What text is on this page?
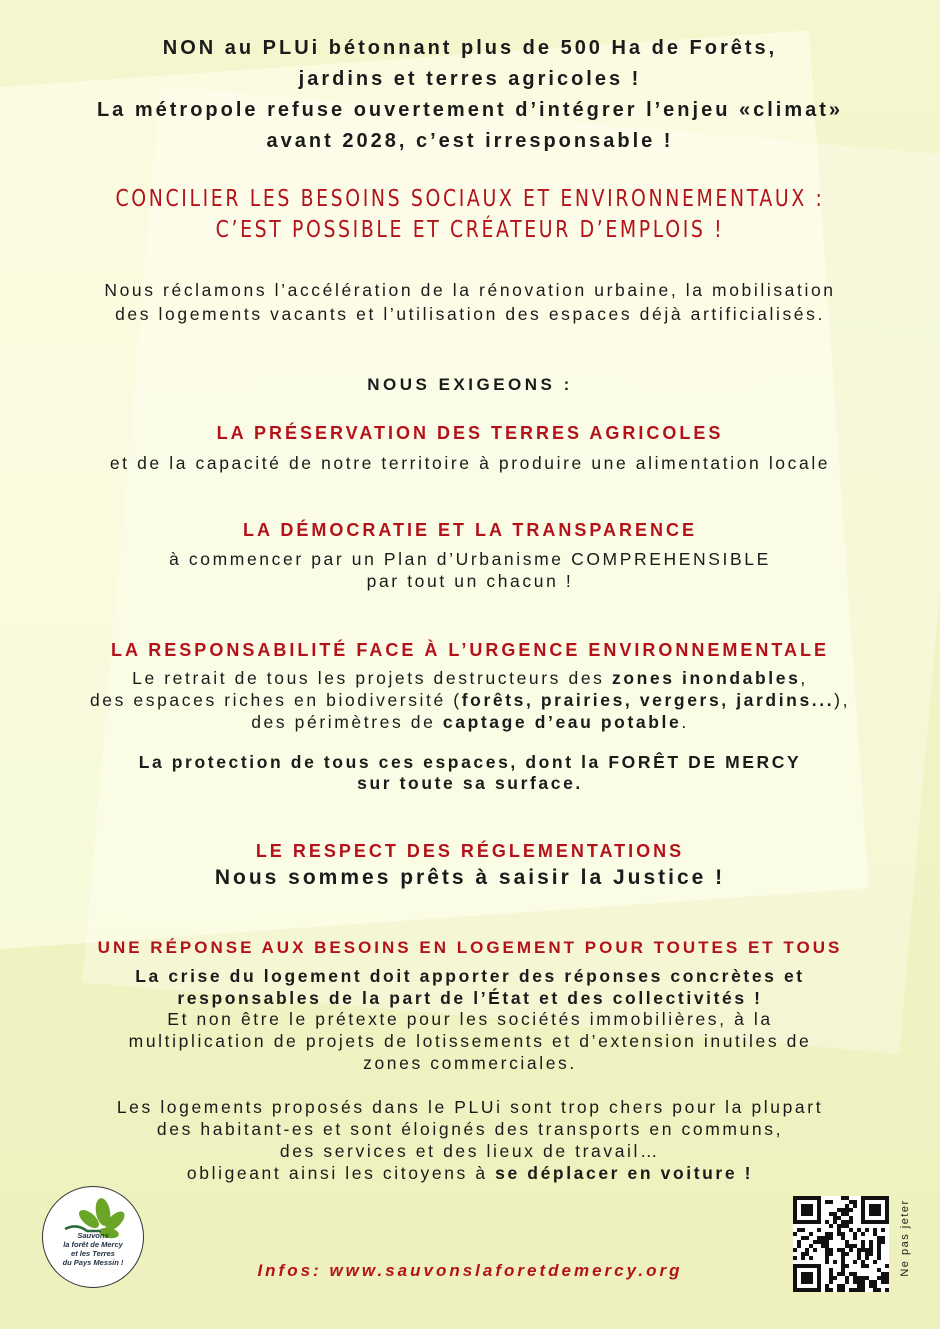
NON au PLUi bétonnant plus de 500 Ha de Forêts,
jardins et terres agricoles !
La métropole refuse ouvertement d’intégrer l’enjeu «climat»
avant 2028, c’est irresponsable !
CONCILIER LES BESOINS SOCIAUX ET ENVIRONNEMENTAUX :
C’EST POSSIBLE ET CRÉATEUR D’EMPLOIS !
Nous réclamons l’accélération de la rénovation urbaine, la mobilisation
des logements vacants et l’utilisation des espaces déjà artificialisés.
NOUS EXIGEONS :
LA PRÉSERVATION DES TERRES AGRICOLES
et de la capacité de notre territoire à produire une alimentation locale
LA DÉMOCRATIE ET LA TRANSPARENCE
à commencer par un Plan d’Urbanisme COMPREHENSIBLE
par tout un chacun !
LA RESPONSABILITÉ FACE À L’URGENCE ENVIRONNEMENTALE
Le retrait de tous les projets destructeurs des zones inondables,
des espaces riches en biodiversité (forêts, prairies, vergers, jardins...),
des périmètres de captage d’eau potable.
La protection de tous ces espaces, dont la FORÊT DE MERCY
sur toute sa surface.
LE RESPECT DES RÉGLEMENTATIONS
Nous sommes prêts à saisir la Justice !
UNE RÉPONSE AUX BESOINS EN LOGEMENT POUR TOUTES ET TOUS
La crise du logement doit apporter des réponses concrètes et
responsables de la part de l’État et des collectivités !
Et non être le prétexte pour les sociétés immobilières, à la
multiplication de projets de lotissements et d’extension inutiles de
zones commerciales.
Les logements proposés dans le PLUi sont trop chers pour la plupart
des habitant-es et sont éloignés des transports en communs,
des services et des lieux de travail…
obligeant ainsi les citoyens à se déplacer en voiture !
Sauvons
la forêt de Mercy
et les Terres
du Pays Messin !	Infos: www.sauvonslaforetdemercy.org	Ne pas jeter
